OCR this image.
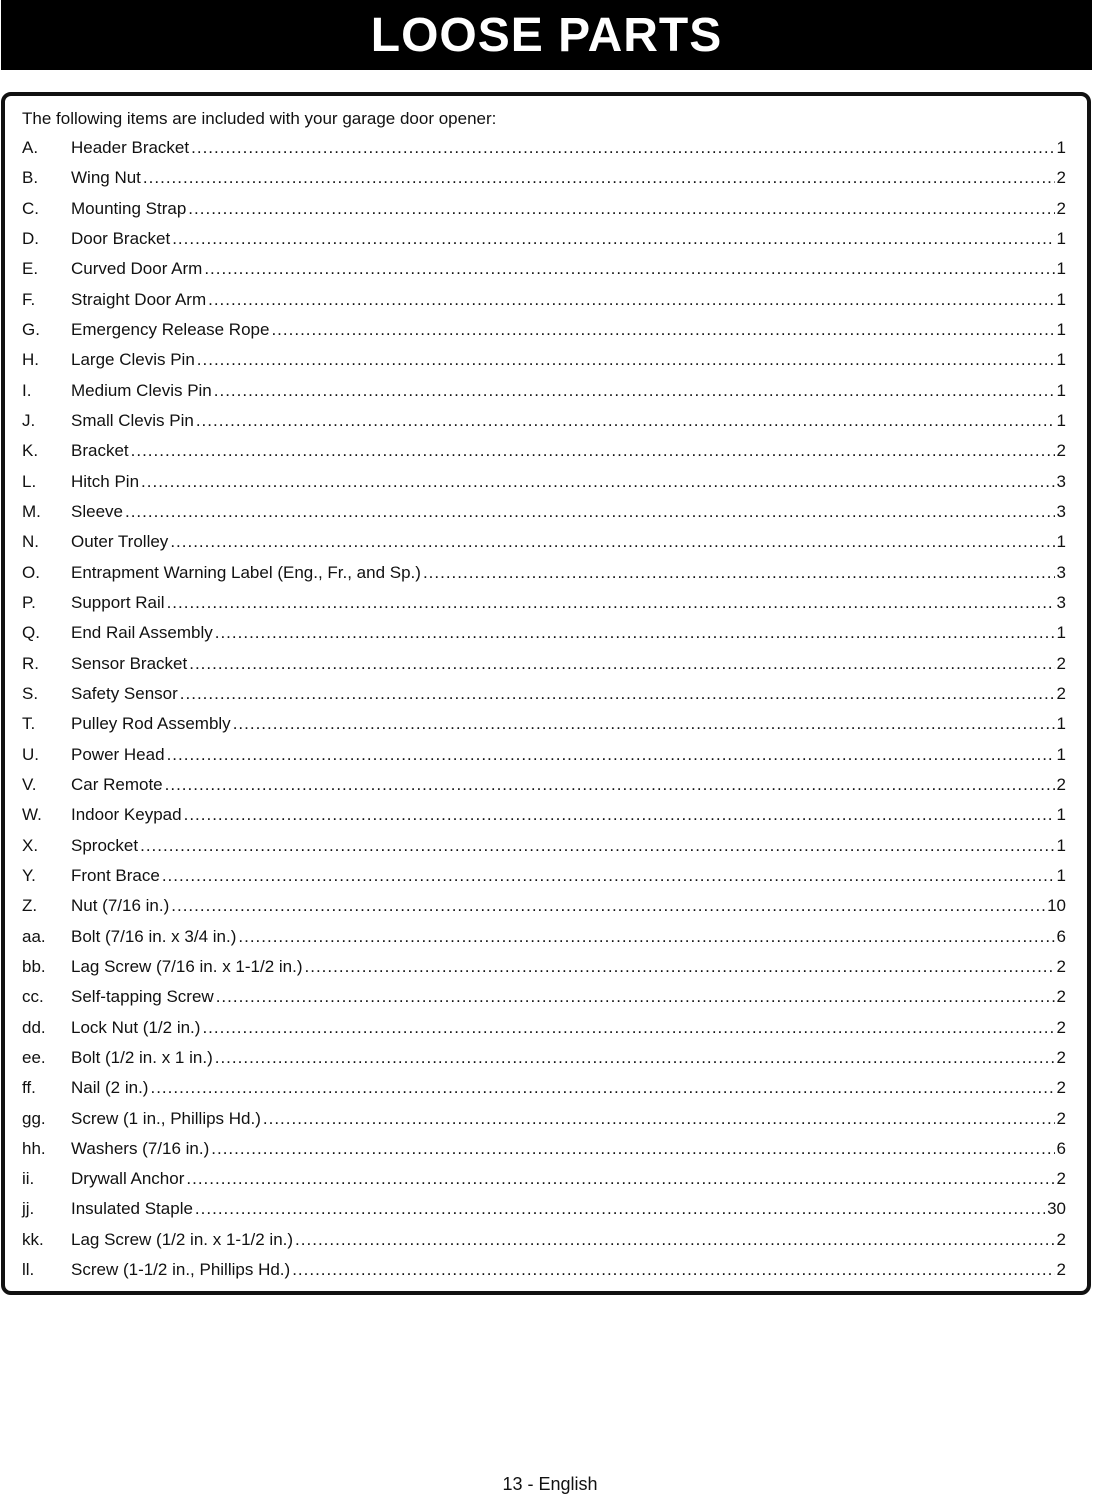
LOOSE PARTS
The following items are included with your garage door opener:
A.	Header Bracket .....	1
B.	Wing Nut .....	2
C.	Mounting Strap .....	2
D.	Door Bracket .....	1
E.	Curved Door Arm .....	1
F.	Straight Door Arm .....	1
G.	Emergency Release Rope .....	1
H.	Large Clevis Pin .....	1
I.	Medium Clevis Pin .....	1
J.	Small Clevis Pin .....	1
K.	Bracket .....	2
L.	Hitch Pin .....	3
M.	Sleeve .....	3
N.	Outer Trolley .....	1
O.	Entrapment Warning Label (Eng., Fr., and Sp.) .....	3
P.	Support Rail .....	3
Q.	End Rail Assembly .....	1
R.	Sensor Bracket .....	2
S.	Safety Sensor .....	2
T.	Pulley Rod Assembly .....	1
U.	Power Head .....	1
V.	Car Remote .....	2
W.	Indoor Keypad .....	1
X.	Sprocket .....	1
Y.	Front Brace .....	1
Z.	Nut (7/16 in.) .....	10
aa.	Bolt (7/16 in. x 3/4 in.) .....	6
bb.	Lag Screw (7/16 in. x 1-1/2 in.) .....	2
cc.	Self-tapping Screw .....	2
dd.	Lock Nut (1/2 in.) .....	2
ee.	Bolt (1/2 in. x 1 in.) .....	2
ff.	Nail (2 in.) .....	2
gg.	Screw (1 in., Phillips Hd.) .....	2
hh.	Washers (7/16 in.) .....	6
ii.	Drywall Anchor .....	2
jj.	Insulated Staple .....	30
kk.	Lag Screw (1/2 in. x 1-1/2 in.) .....	2
ll.	Screw (1-1/2 in., Phillips Hd.) .....	2
13 - English
